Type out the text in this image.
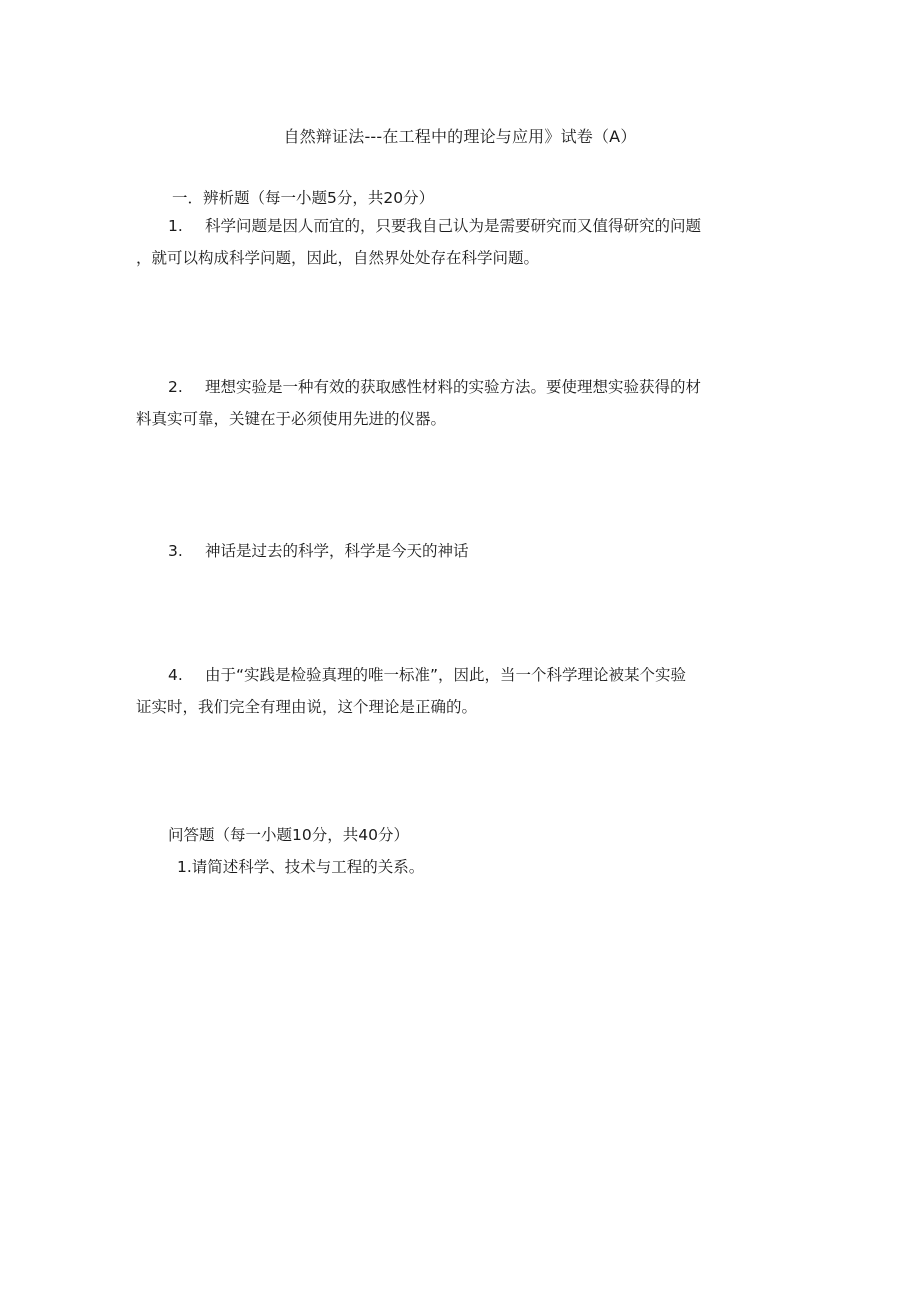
自然辩证法---在工程中的理论与应用》试卷（A）
一．辨析题（每一小题5分，共20分）
1. 科学问题是因人而宜的，只要我自己认为是需要研究而又值得研究的问题
，就可以构成科学问题，因此，自然界处处存在科学问题。
2. 理想实验是一种有效的获取感性材料的实验方法。要使理想实验获得的材
料真实可靠，关键在于必须使用先进的仪器。
3. 神话是过去的科学，科学是今天的神话
4. 由于“实践是检验真理的唯一标准”，因此，当一个科学理论被某个实验
证实时，我们完全有理由说，这个理论是正确的。
问答题（每一小题10分，共40分）
1.请简述科学、技术与工程的关系。
